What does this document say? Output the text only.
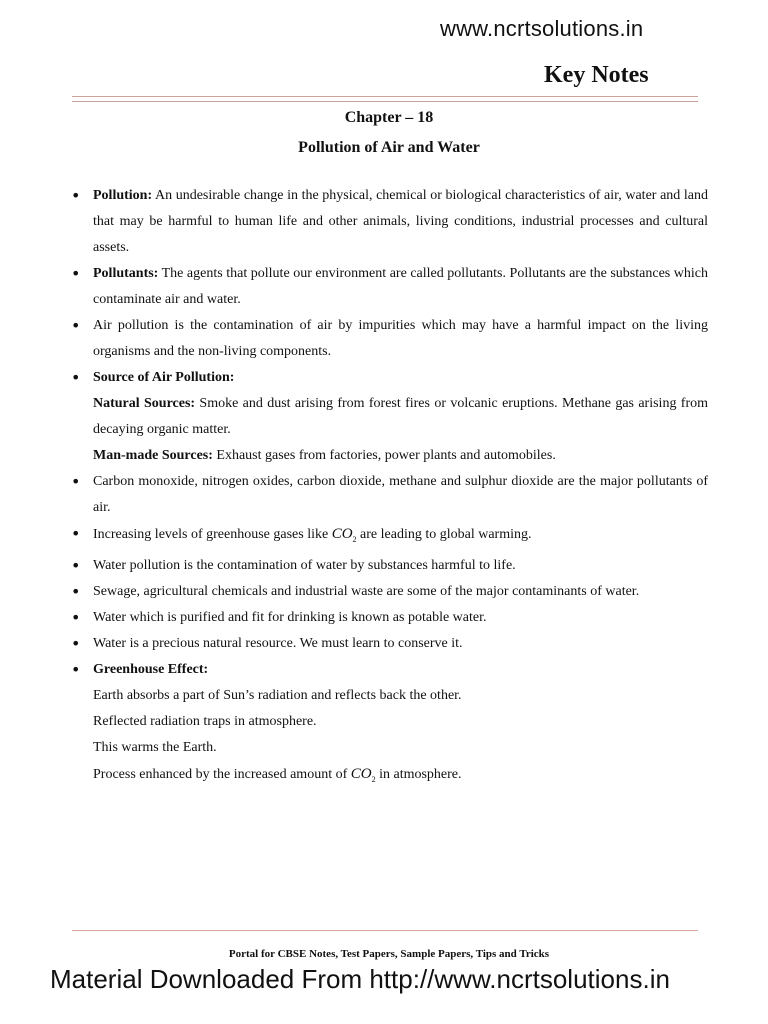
www.ncrtsolutions.in
Key Notes
Chapter – 18
Pollution of Air and Water
• Pollution: An undesirable change in the physical, chemical or biological characteristics of air, water and land that may be harmful to human life and other animals, living conditions, industrial processes and cultural assets.
• Pollutants: The agents that pollute our environment are called pollutants. Pollutants are the substances which contaminate air and water.
• Air pollution is the contamination of air by impurities which may have a harmful impact on the living organisms and the non-living components.
• Source of Air Pollution:
Natural Sources: Smoke and dust arising from forest fires or volcanic eruptions. Methane gas arising from decaying organic matter.
Man-made Sources: Exhaust gases from factories, power plants and automobiles.
• Carbon monoxide, nitrogen oxides, carbon dioxide, methane and sulphur dioxide are the major pollutants of air.
• Increasing levels of greenhouse gases like $CO_2$ are leading to global warming.
• Water pollution is the contamination of water by substances harmful to life.
• Sewage, agricultural chemicals and industrial waste are some of the major contaminants of water.
• Water which is purified and fit for drinking is known as potable water.
• Water is a precious natural resource. We must learn to conserve it.
• Greenhouse Effect:
Earth absorbs a part of Sun’s radiation and reflects back the other.
Reflected radiation traps in atmosphere.
This warms the Earth.
Process enhanced by the increased amount of $CO_2$ in atmosphere.
Portal for CBSE Notes, Test Papers, Sample Papers, Tips and Tricks
Material Downloaded From http://www.ncrtsolutions.in
